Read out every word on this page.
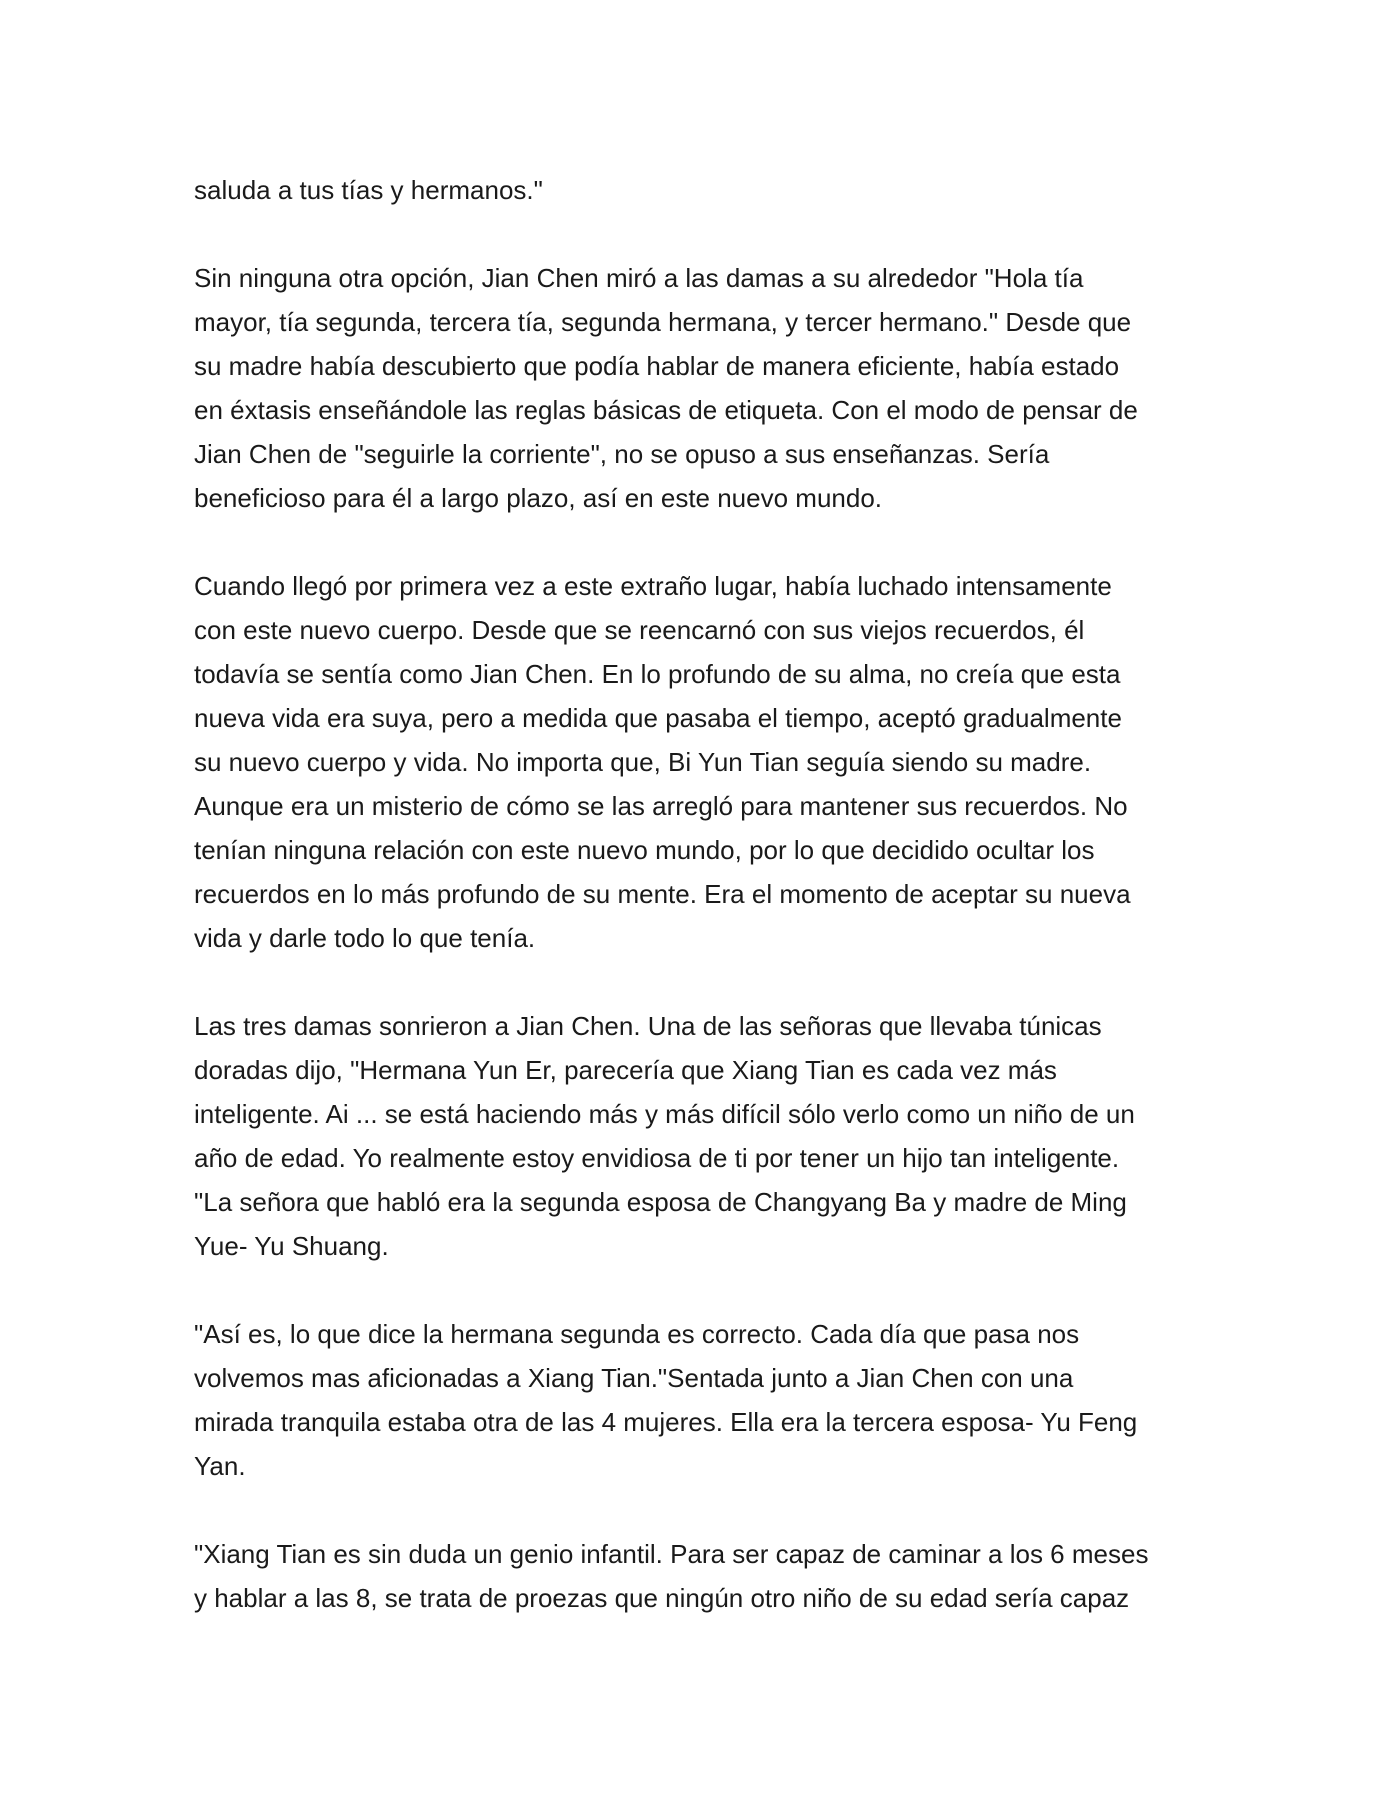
saluda a tus tías y hermanos."
Sin ninguna otra opción, Jian Chen miró a las damas a su alrededor "Hola tía
mayor, tía segunda, tercera tía, segunda hermana, y tercer hermano." Desde que
su madre había descubierto que podía hablar de manera eficiente, había estado
en éxtasis enseñándole las reglas básicas de etiqueta. Con el modo de pensar de
Jian Chen de "seguirle la corriente", no se opuso a sus enseñanzas. Sería
beneficioso para él a largo plazo, así en este nuevo mundo.
Cuando llegó por primera vez a este extraño lugar, había luchado intensamente
con este nuevo cuerpo. Desde que se reencarnó con sus viejos recuerdos, él
todavía se sentía como Jian Chen. En lo profundo de su alma, no creía que esta
nueva vida era suya, pero a medida que pasaba el tiempo, aceptó gradualmente
su nuevo cuerpo y vida. No importa que, Bi Yun Tian seguía siendo su madre.
Aunque era un misterio de cómo se las arregló para mantener sus recuerdos. No
tenían ninguna relación con este nuevo mundo, por lo que decidido ocultar los
recuerdos en lo más profundo de su mente. Era el momento de aceptar su nueva
vida y darle todo lo que tenía.
Las tres damas sonrieron a Jian Chen. Una de las señoras que llevaba túnicas
doradas dijo, "Hermana Yun Er, parecería que Xiang Tian es cada vez más
inteligente. Ai ... se está haciendo más y más difícil sólo verlo como un niño de un
año de edad. Yo realmente estoy envidiosa de ti por tener un hijo tan inteligente.
"La señora que habló era la segunda esposa de Changyang Ba y madre de Ming
Yue- Yu Shuang.
"Así es, lo que dice la hermana segunda es correcto. Cada día que pasa nos
volvemos mas aficionadas a Xiang Tian."Sentada junto a Jian Chen con una
mirada tranquila estaba otra de las 4 mujeres. Ella era la tercera esposa- Yu Feng
Yan.
"Xiang Tian es sin duda un genio infantil. Para ser capaz de caminar a los 6 meses
y hablar a las 8, se trata de proezas que ningún otro niño de su edad sería capaz
